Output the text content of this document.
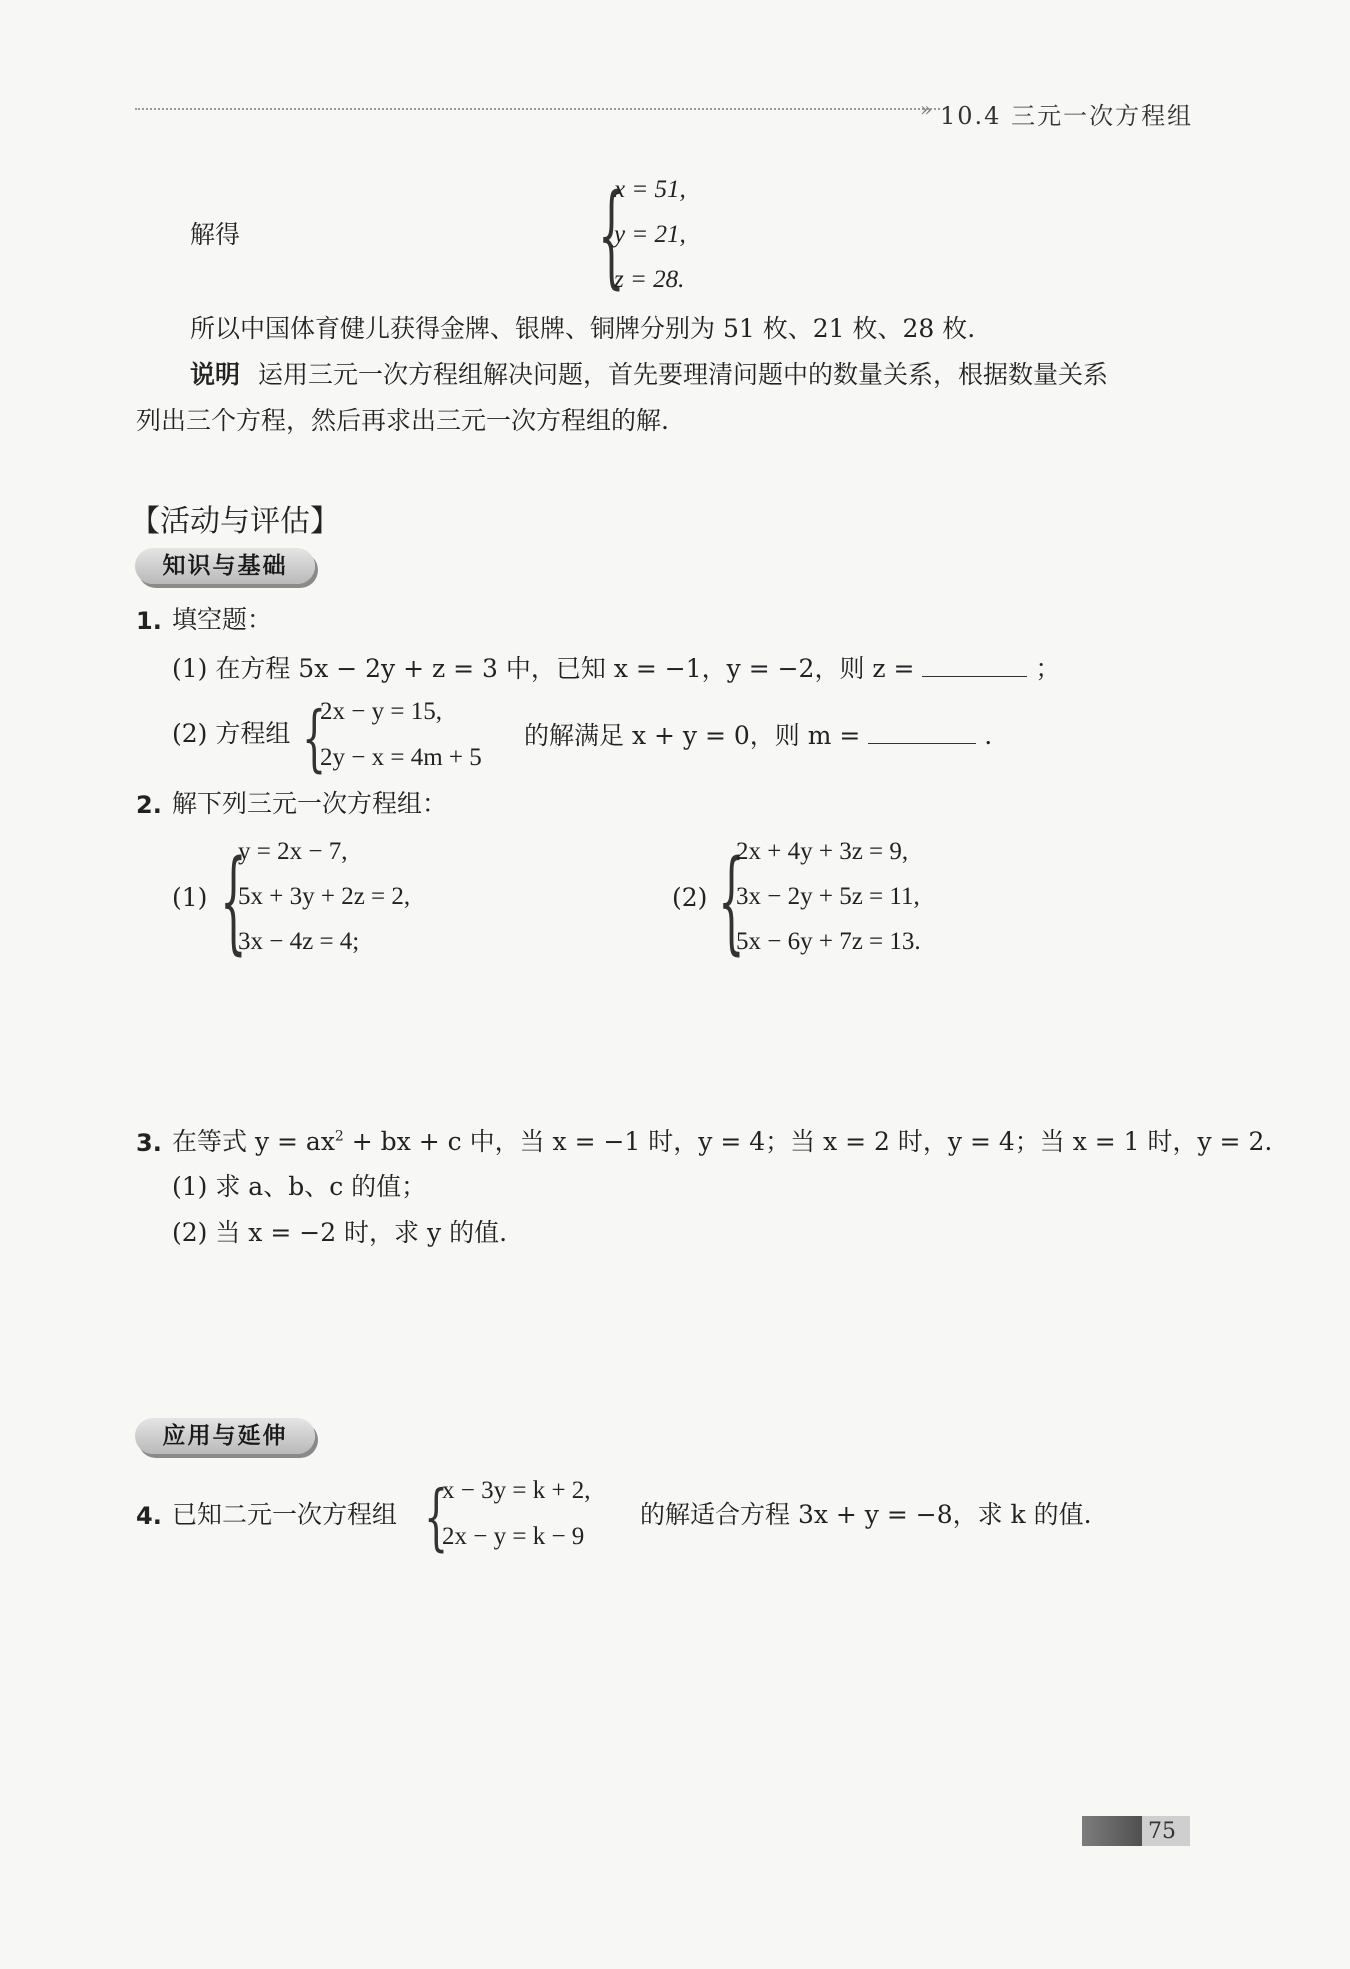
» 10.4 三元一次方程组
解得	{
x = 51,
y = 21,
z = 28.
所以中国体育健儿获得金牌、银牌、铜牌分别为 51 枚、21 枚、28 枚.
说明 运用三元一次方程组解决问题，首先要理清问题中的数量关系，根据数量关系
列出三个方程，然后再求出三元一次方程组的解.
【活动与评估】
知识与基础
1. 填空题：
(1) 在方程 5x − 2y + z = 3 中，已知 x = −1，y = −2，则 z =	；
(2) 方程组 {
2x − y = 15,
2y − x = 4m + 5
的解满足 x + y = 0，则 m =	.
2. 解下列三元一次方程组：
(1) {
y = 2x − 7,
5x + 3y + 2z = 2,
3x − 4z = 4;
(2) {
2x + 4y + 3z = 9,
3x − 2y + 5z = 11,
5x − 6y + 7z = 13.
3. 在等式 $y = ax^2$ + bx + c 中，当 x = −1 时，y = 4；当 x = 2 时，y = 4；当 x = 1 时，y = 2.
(1) 求 a、b、c 的值；
(2) 当 x = −2 时，求 y 的值.
应用与延伸
4. 已知二元一次方程组 {
x − 3y = k + 2,
2x − y = k − 9
的解适合方程 3x + y = −8，求 k 的值.
75
